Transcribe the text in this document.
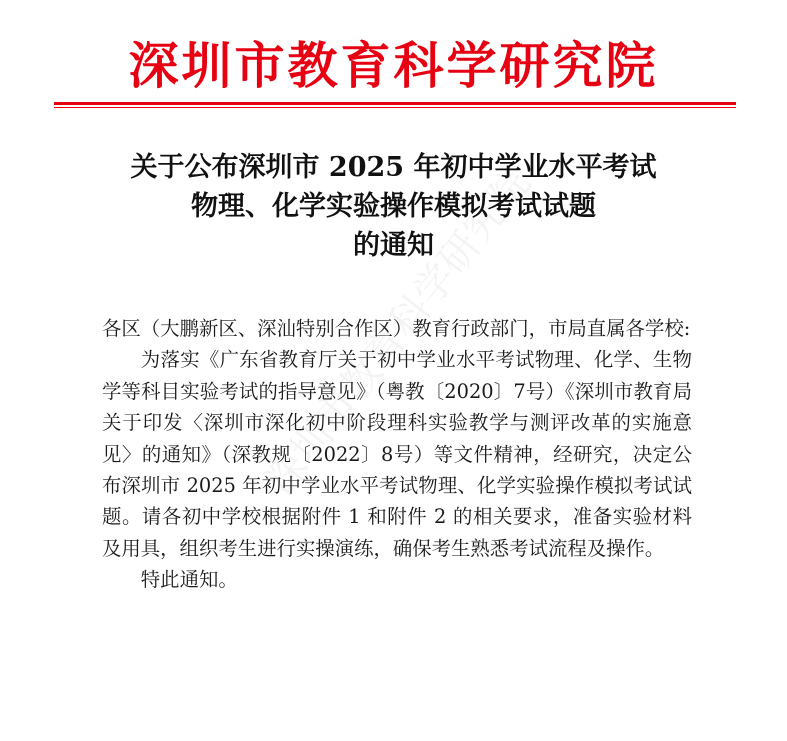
深圳市教育科学研究院
关于公布深圳市 2025 年初中学业水平考试
物理、化学实验操作模拟考试试题
的通知

各区（大鹏新区、深汕特别合作区）教育行政部门，市局直属各学校:

为落实《广东省教育厅关于初中学业水平考试物理、化学、生物学等科目实验考试的指导意见》（粤教〔2020〕7号）《深圳市教育局关于印发〈深圳市深化初中阶段理科实验教学与测评改革的实施意见〉的通知》（深教规〔2022〕8号）等文件精神，经研究，决定公布深圳市 2025 年初中学业水平考试物理、化学实验操作模拟考试试题。请各初中学校根据附件 1 和附件 2 的相关要求，准备实验材料及用具，组织考生进行实操演练，确保考生熟悉考试流程及操作。

特此通知。
